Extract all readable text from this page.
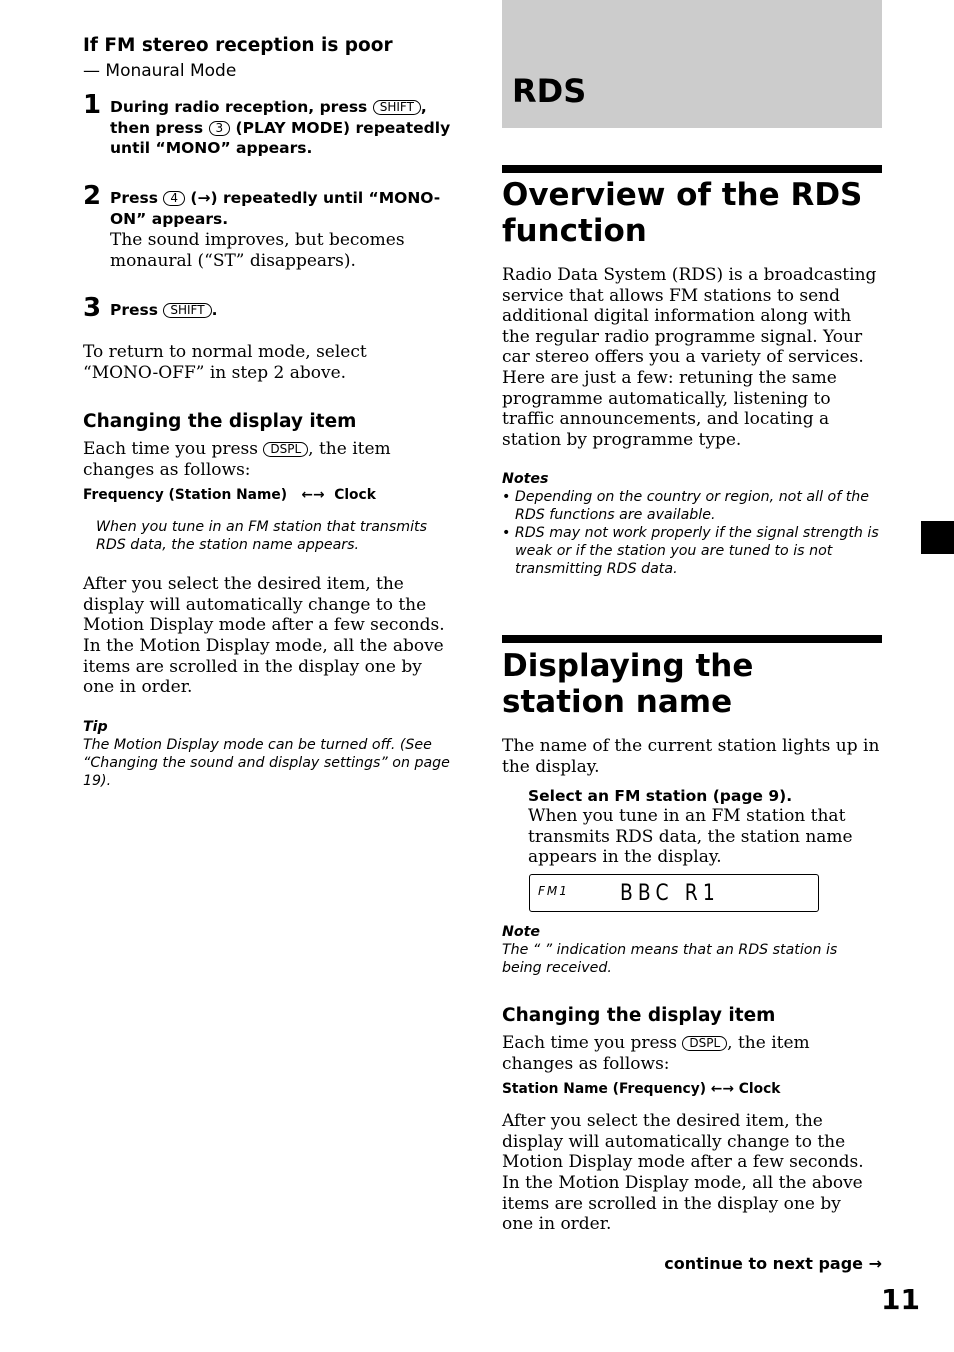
If FM stereo reception is poor
— Monaural Mode
1 During radio reception, press SHIFT , then press 3 (PLAY MODE) repeatedly until “MONO” appears.
2 Press 4 (→) repeatedly until “MONO-ON” appears.
The sound improves, but becomes monaural (“ST” disappears).
3 Press SHIFT .
To return to normal mode, select “MONO-OFF” in step 2 above.
Changing the display item
Each time you press DSPL , the item changes as follows:
Frequency (Station Name) ←→ Clock
When you tune in an FM station that transmits RDS data, the station name appears.
After you select the desired item, the display will automatically change to the Motion Display mode after a few seconds.
In the Motion Display mode, all the above items are scrolled in the display one by one in order.
Tip
The Motion Display mode can be turned off. (See “Changing the sound and display settings” on page 19).
RDS
Overview of the RDS function
Radio Data System (RDS) is a broadcasting service that allows FM stations to send additional digital information along with the regular radio programme signal. Your car stereo offers you a variety of services. Here are just a few: retuning the same programme automatically, listening to traffic announcements, and locating a station by programme type.
Notes
• Depending on the country or region, not all of the RDS functions are available.
• RDS may not work properly if the signal strength is weak or if the station you are tuned to is not transmitting RDS data.
Displaying the station name
The name of the current station lights up in the display.
Select an FM station (page 9).
When you tune in an FM station that transmits RDS data, the station name appears in the display.
FM1 BBC R1
Note
The “ ” indication means that an RDS station is being received.
Changing the display item
Each time you press DSPL , the item changes as follows:
Station Name (Frequency) ←→ Clock
After you select the desired item, the display will automatically change to the Motion Display mode after a few seconds.
In the Motion Display mode, all the above items are scrolled in the display one by one in order.
continue to next page →
11
